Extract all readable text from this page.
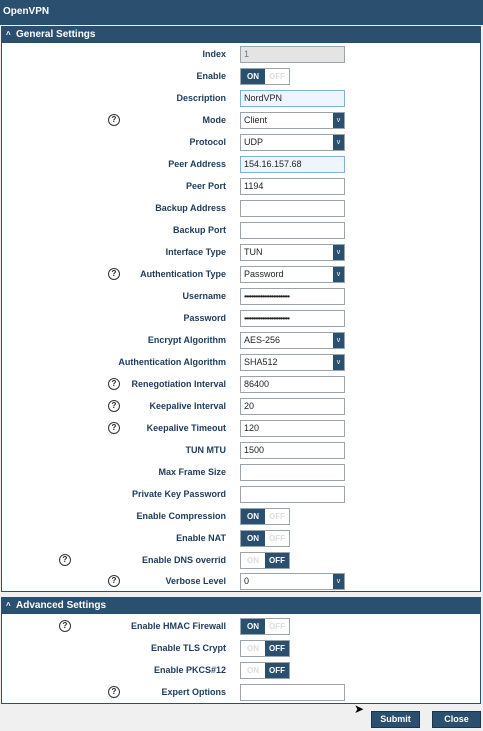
OpenVPN
^ General Settings
Index	1
Enable	ON	OFF
Description	NordVPN
Mode	Client	v
?
Protocol	UDP	v
Peer Address	154.16.157.68
Peer Port	1194
Backup Address
Backup Port
Interface Type	TUN	v
Authentication Type	Password	v
?
Username	•••••••••••••••••••••••••
Password	•••••••••••••••••••••••••
Encrypt Algorithm	AES-256	v
Authentication Algorithm	SHA512	v
Renegotiation Interval	86400
?
Keepalive Interval	20
?
Keepalive Timeout	120
?
TUN MTU	1500
Max Frame Size
Private Key Password
Enable Compression	ON	OFF
Enable NAT	ON	OFF
Enable DNS overrid	ON	OFF
?
Verbose Level	0	v
?
^ Advanced Settings
Enable HMAC Firewall	ON	OFF
?
Enable TLS Crypt	ON	OFF
Enable PKCS#12	ON	OFF
Expert Options
?
Submit	Close
➤
